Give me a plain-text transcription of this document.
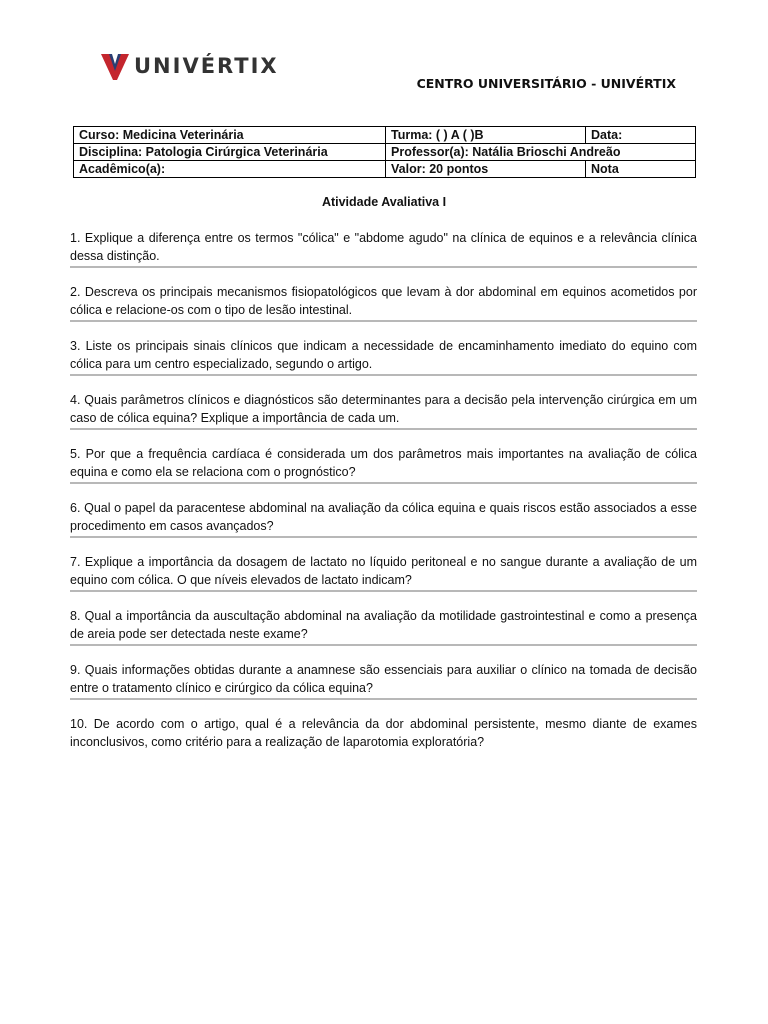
UNIVÉRTIX
CENTRO UNIVERSITÁRIO - UNIVÉRTIX
Curso: Medicina Veterinária	Turma: ( ) A ( )B	Data:
Disciplina: Patologia Cirúrgica Veterinária	Professor(a): Natália Brioschi Andreão	
Acadêmico(a):	Valor: 20 pontos	Nota
Atividade Avaliativa I
1. Explique a diferença entre os termos "cólica" e "abdome agudo" na clínica de equinos e a relevância clínica dessa distinção.
2. Descreva os principais mecanismos fisiopatológicos que levam à dor abdominal em equinos acometidos por cólica e relacione-os com o tipo de lesão intestinal.
3. Liste os principais sinais clínicos que indicam a necessidade de encaminhamento imediato do equino com cólica para um centro especializado, segundo o artigo.
4. Quais parâmetros clínicos e diagnósticos são determinantes para a decisão pela intervenção cirúrgica em um caso de cólica equina? Explique a importância de cada um.
5. Por que a frequência cardíaca é considerada um dos parâmetros mais importantes na avaliação de cólica equina e como ela se relaciona com o prognóstico?
6. Qual o papel da paracentese abdominal na avaliação da cólica equina e quais riscos estão associados a esse procedimento em casos avançados?
7. Explique a importância da dosagem de lactato no líquido peritoneal e no sangue durante a avaliação de um equino com cólica. O que níveis elevados de lactato indicam?
8. Qual a importância da auscultação abdominal na avaliação da motilidade gastrointestinal e como a presença de areia pode ser detectada neste exame?
9. Quais informações obtidas durante a anamnese são essenciais para auxiliar o clínico na tomada de decisão entre o tratamento clínico e cirúrgico da cólica equina?
10. De acordo com o artigo, qual é a relevância da dor abdominal persistente, mesmo diante de exames inconclusivos, como critério para a realização de laparotomia exploratória?
